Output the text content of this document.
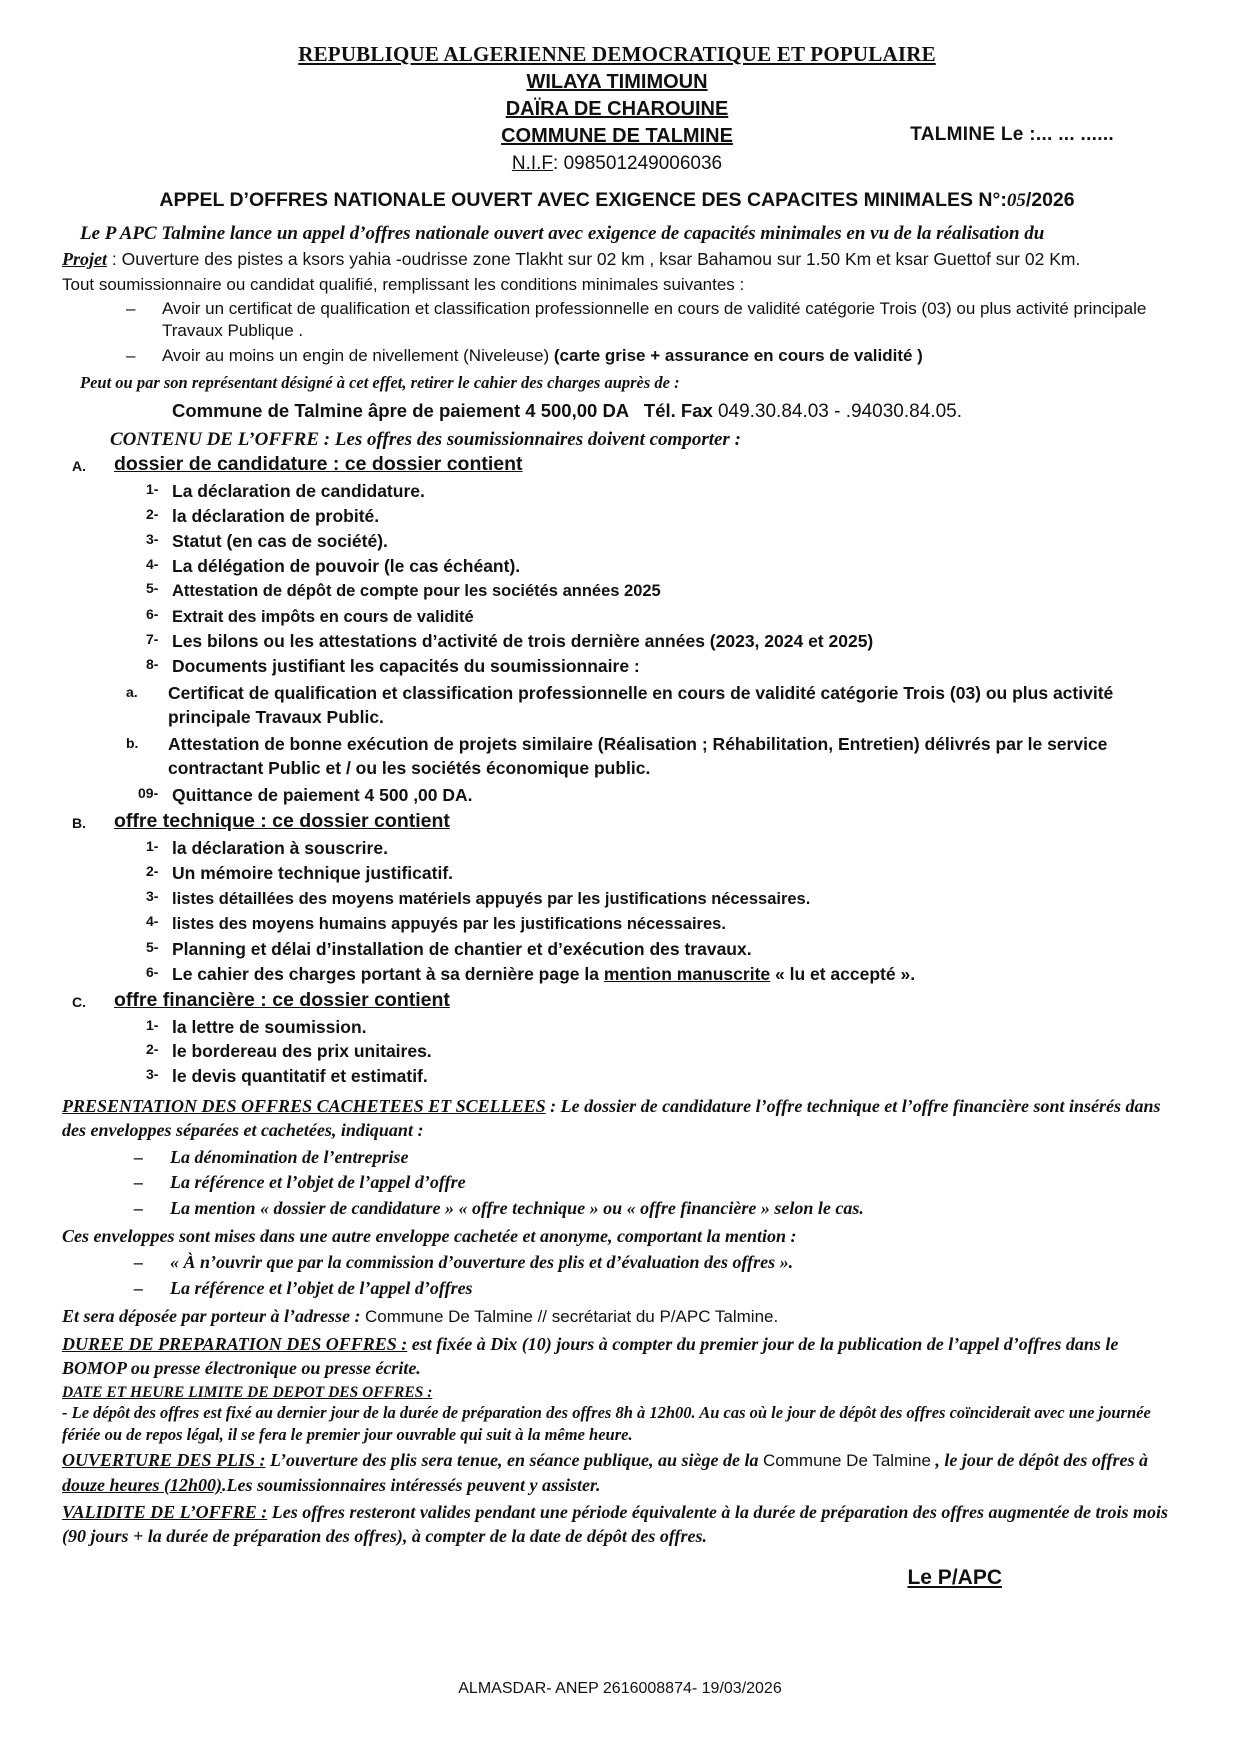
REPUBLIQUE ALGERIENNE DEMOCRATIQUE ET POPULAIRE
WILAYA TIMIMOUN
DAÏRA DE CHAROUINE
COMMUNE DE TALMINE
N.I.F: 098501249006036
TALMINE Le :... ... ......
APPEL D’OFFRES NATIONALE OUVERT AVEC EXIGENCE DES CAPACITES MINIMALES N°:05/2026
Le P APC Talmine lance un appel d’offres nationale ouvert avec exigence de capacités minimales en vu de la réalisation du
Projet : Ouverture des pistes a ksors yahia -oudrisse zone Tlakht sur 02 km , ksar Bahamou sur 1.50 Km et ksar Guettof sur 02 Km.
Tout soumissionnaire ou candidat qualifié, remplissant les conditions minimales suivantes :
– Avoir un certificat de qualification et classification professionnelle en cours de validité catégorie Trois (03) ou plus activité principale Travaux Publique .
– Avoir au moins un engin de nivellement (Niveleuse) (carte grise + assurance en cours de validité )
Peut ou par son représentant désigné à cet effet, retirer le cahier des charges auprès de :
Commune de Talmine âpre de paiement 4 500,00 DA Tél. Fax 049.30.84.03 - .94030.84.05.
CONTENU DE L’OFFRE : Les offres des soumissionnaires doivent comporter :
A. dossier de candidature : ce dossier contient
1- La déclaration de candidature.
2- la déclaration de probité.
3- Statut (en cas de société).
4- La délégation de pouvoir (le cas échéant).
5- Attestation de dépôt de compte pour les sociétés années 2025
6- Extrait des impôts en cours de validité
7- Les bilons ou les attestations d’activité de trois dernière années (2023, 2024 et 2025)
8- Documents justifiant les capacités du soumissionnaire :
a. Certificat de qualification et classification professionnelle en cours de validité catégorie Trois (03) ou plus activité principale Travaux Public.
b. Attestation de bonne exécution de projets similaire (Réalisation ; Réhabilitation, Entretien) délivrés par le service contractant Public et / ou les sociétés économique public.
09- Quittance de paiement 4 500 ,00 DA.
B. offre technique : ce dossier contient
1- la déclaration à souscrire.
2- Un mémoire technique justificatif.
3- listes détaillées des moyens matériels appuyés par les justifications nécessaires.
4- listes des moyens humains appuyés par les justifications nécessaires.
5- Planning et délai d’installation de chantier et d’exécution des travaux.
6- Le cahier des charges portant à sa dernière page la mention manuscrite « lu et accepté ».
C. offre financière : ce dossier contient
1- la lettre de soumission.
2- le bordereau des prix unitaires.
3- le devis quantitatif et estimatif.
PRESENTATION DES OFFRES CACHETEES ET SCELLEES : Le dossier de candidature l’offre technique et l’offre financière sont insérés dans des enveloppes séparées et cachetées, indiquant :
– La dénomination de l’entreprise
– La référence et l’objet de l’appel d’offre
– La mention « dossier de candidature » « offre technique » ou « offre financière » selon le cas.
Ces enveloppes sont mises dans une autre enveloppe cachetée et anonyme, comportant la mention :
– « À n’ouvrir que par la commission d’ouverture des plis et d’évaluation des offres ».
– La référence et l’objet de l’appel d’offres
Et sera déposée par porteur à l’adresse : Commune De Talmine // secrétariat du P/APC Talmine.
DUREE DE PREPARATION DES OFFRES : est fixée à Dix (10) jours à compter du premier jour de la publication de l’appel d’offres dans le BOMOP ou presse électronique ou presse écrite.
DATE ET HEURE LIMITE DE DEPOT DES OFFRES :
- Le dépôt des offres est fixé au dernier jour de la durée de préparation des offres 8h à 12h00. Au cas où le jour de dépôt des offres coïnciderait avec une journée fériée ou de repos légal, il se fera le premier jour ouvrable qui suit à la même heure.
OUVERTURE DES PLIS : L’ouverture des plis sera tenue, en séance publique, au siège de la Commune De Talmine , le jour de dépôt des offres à douze heures (12h00).Les soumissionnaires intéressés peuvent y assister.
VALIDITE DE L’OFFRE : Les offres resteront valides pendant une période équivalente à la durée de préparation des offres augmentée de trois mois (90 jours + la durée de préparation des offres), à compter de la date de dépôt des offres.
Le P/APC
ALMASDAR- ANEP 2616008874- 19/03/2026
